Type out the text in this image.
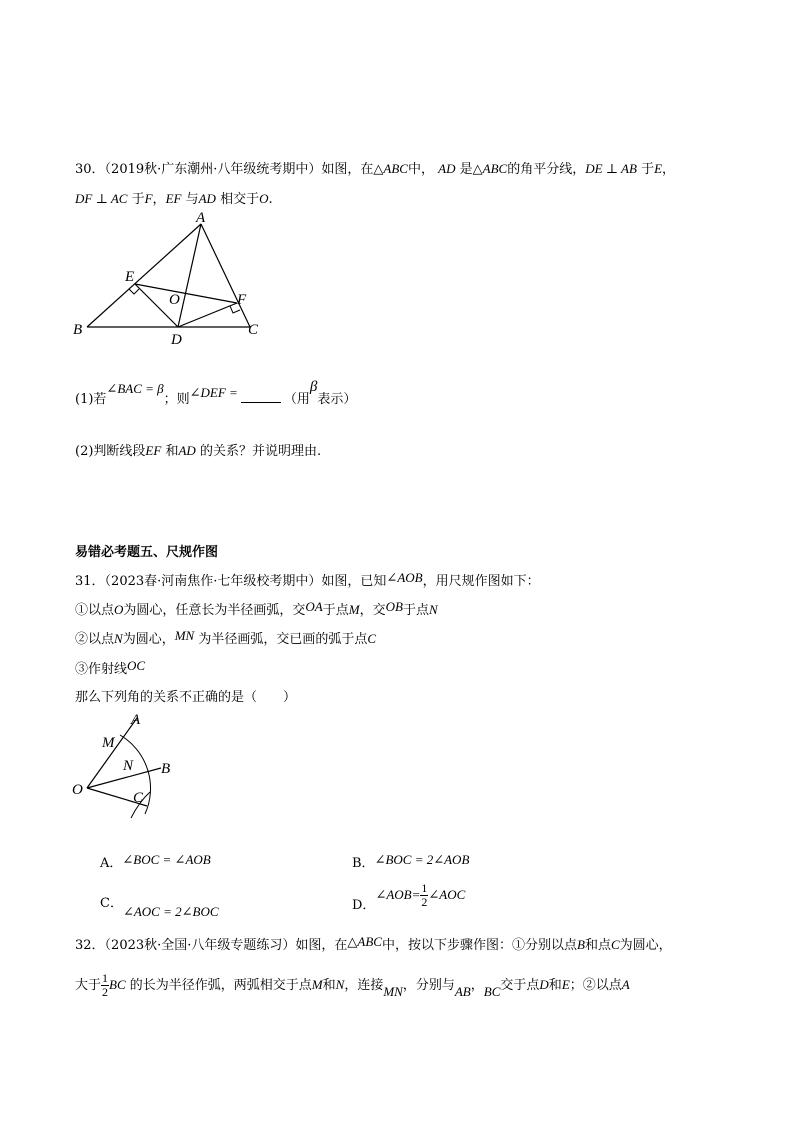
30．（2019秋·广东潮州·八年级统考期中）如图，在△ABC中， AD 是△ABC的角平分线，DE ⊥ AB 于E，
DF ⊥ AC 于F，EF 与AD 相交于O.
A
E
O	F
B
D
C
(1)若∠BAC = β；则∠DEF =	（用β表示）
(2)判断线段EF 和AD 的关系？并说明理由.
易错必考题五、尺规作图
31．（2023春·河南焦作·七年级校考期中）如图，已知∠AOB，用尺规作图如下：
①以点O为圆心，任意长为半径画弧，交OA于点M，交OB于点N
②以点N为圆心，MN 为半径画弧，交已画的弧于点C
③作射线OC
那么下列角的关系不正确的是（　　）
A
M
N B
O	C
A．∠BOC = ∠AOB	B．∠BOC = 2∠AOB
C．∠AOC = 2∠BOC	D．∠AOB= $\frac{1}{2}$ ∠AOC
32．（2023秋·全国·八年级专题练习）如图，在△ABC中，按以下步骤作图：①分别以点B和点C为圆心，
大于 $\frac{1}{2}$ BC 的长为半径作弧，两弧相交于点M和N，连接MN，分别与AB，BC交于点D和E；②以点A
